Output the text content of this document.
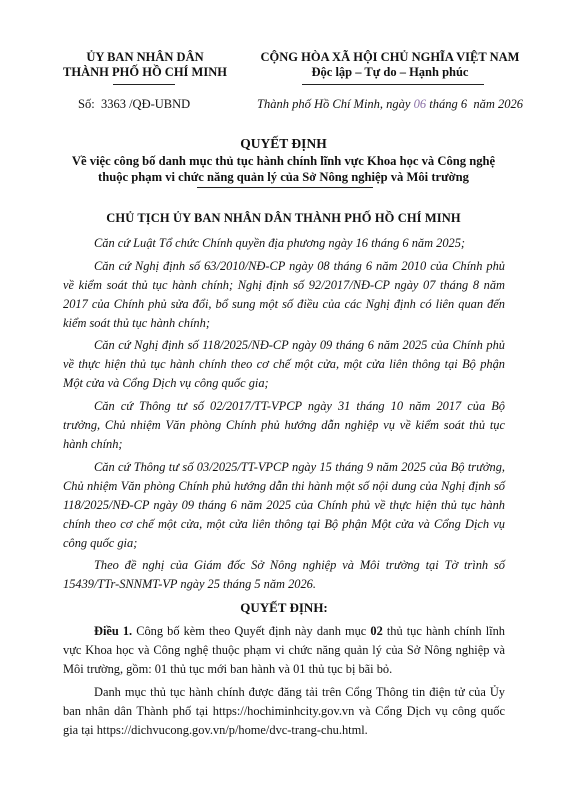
ỦY BAN NHÂN DÂN
THÀNH PHỐ HỒ CHÍ MINH
CỘNG HÒA XÃ HỘI CHỦ NGHĨA VIỆT NAM
Độc lập – Tự do – Hạnh phúc
Số: 3363 /QĐ-UBND	Thành phố Hồ Chí Minh, ngày 06 tháng 6 năm 2026
QUYẾT ĐỊNH
Về việc công bố danh mục thủ tục hành chính lĩnh vực Khoa học và Công nghệ
thuộc phạm vi chức năng quản lý của Sở Nông nghiệp và Môi trường
CHỦ TỊCH ỦY BAN NHÂN DÂN THÀNH PHỐ HỒ CHÍ MINH

Căn cứ Luật Tổ chức Chính quyền địa phương ngày 16 tháng 6 năm 2025;

Căn cứ Nghị định số 63/2010/NĐ-CP ngày 08 tháng 6 năm 2010 của Chính phủ về kiểm soát thủ tục hành chính; Nghị định số 92/2017/NĐ-CP ngày 07 tháng 8 năm 2017 của Chính phủ sửa đổi, bổ sung một số điều của các Nghị định có liên quan đến kiểm soát thủ tục hành chính;

Căn cứ Nghị định số 118/2025/NĐ-CP ngày 09 tháng 6 năm 2025 của Chính phủ về thực hiện thủ tục hành chính theo cơ chế một cửa, một cửa liên thông tại Bộ phận Một cửa và Cổng Dịch vụ công quốc gia;

Căn cứ Thông tư số 02/2017/TT-VPCP ngày 31 tháng 10 năm 2017 của Bộ trưởng, Chủ nhiệm Văn phòng Chính phủ hướng dẫn nghiệp vụ về kiểm soát thủ tục hành chính;

Căn cứ Thông tư số 03/2025/TT-VPCP ngày 15 tháng 9 năm 2025 của Bộ trưởng, Chủ nhiệm Văn phòng Chính phủ hướng dẫn thi hành một số nội dung của Nghị định số 118/2025/NĐ-CP ngày 09 tháng 6 năm 2025 của Chính phủ về thực hiện thủ tục hành chính theo cơ chế một cửa, một cửa liên thông tại Bộ phận Một cửa và Cổng Dịch vụ công quốc gia;

Theo đề nghị của Giám đốc Sở Nông nghiệp và Môi trường tại Tờ trình số 15439/TTr-SNNMT-VP ngày 25 tháng 5 năm 2026.

QUYẾT ĐỊNH:

Điều 1. Công bố kèm theo Quyết định này danh mục 02 thủ tục hành chính lĩnh vực Khoa học và Công nghệ thuộc phạm vi chức năng quản lý của Sở Nông nghiệp và Môi trường, gồm: 01 thủ tục mới ban hành và 01 thủ tục bị bãi bỏ.

Danh mục thủ tục hành chính được đăng tải trên Cổng Thông tin điện tử của Ủy ban nhân dân Thành phố tại https://hochiminhcity.gov.vn và Cổng Dịch vụ công quốc gia tại https://dichvucong.gov.vn/p/home/dvc-trang-chu.html.
